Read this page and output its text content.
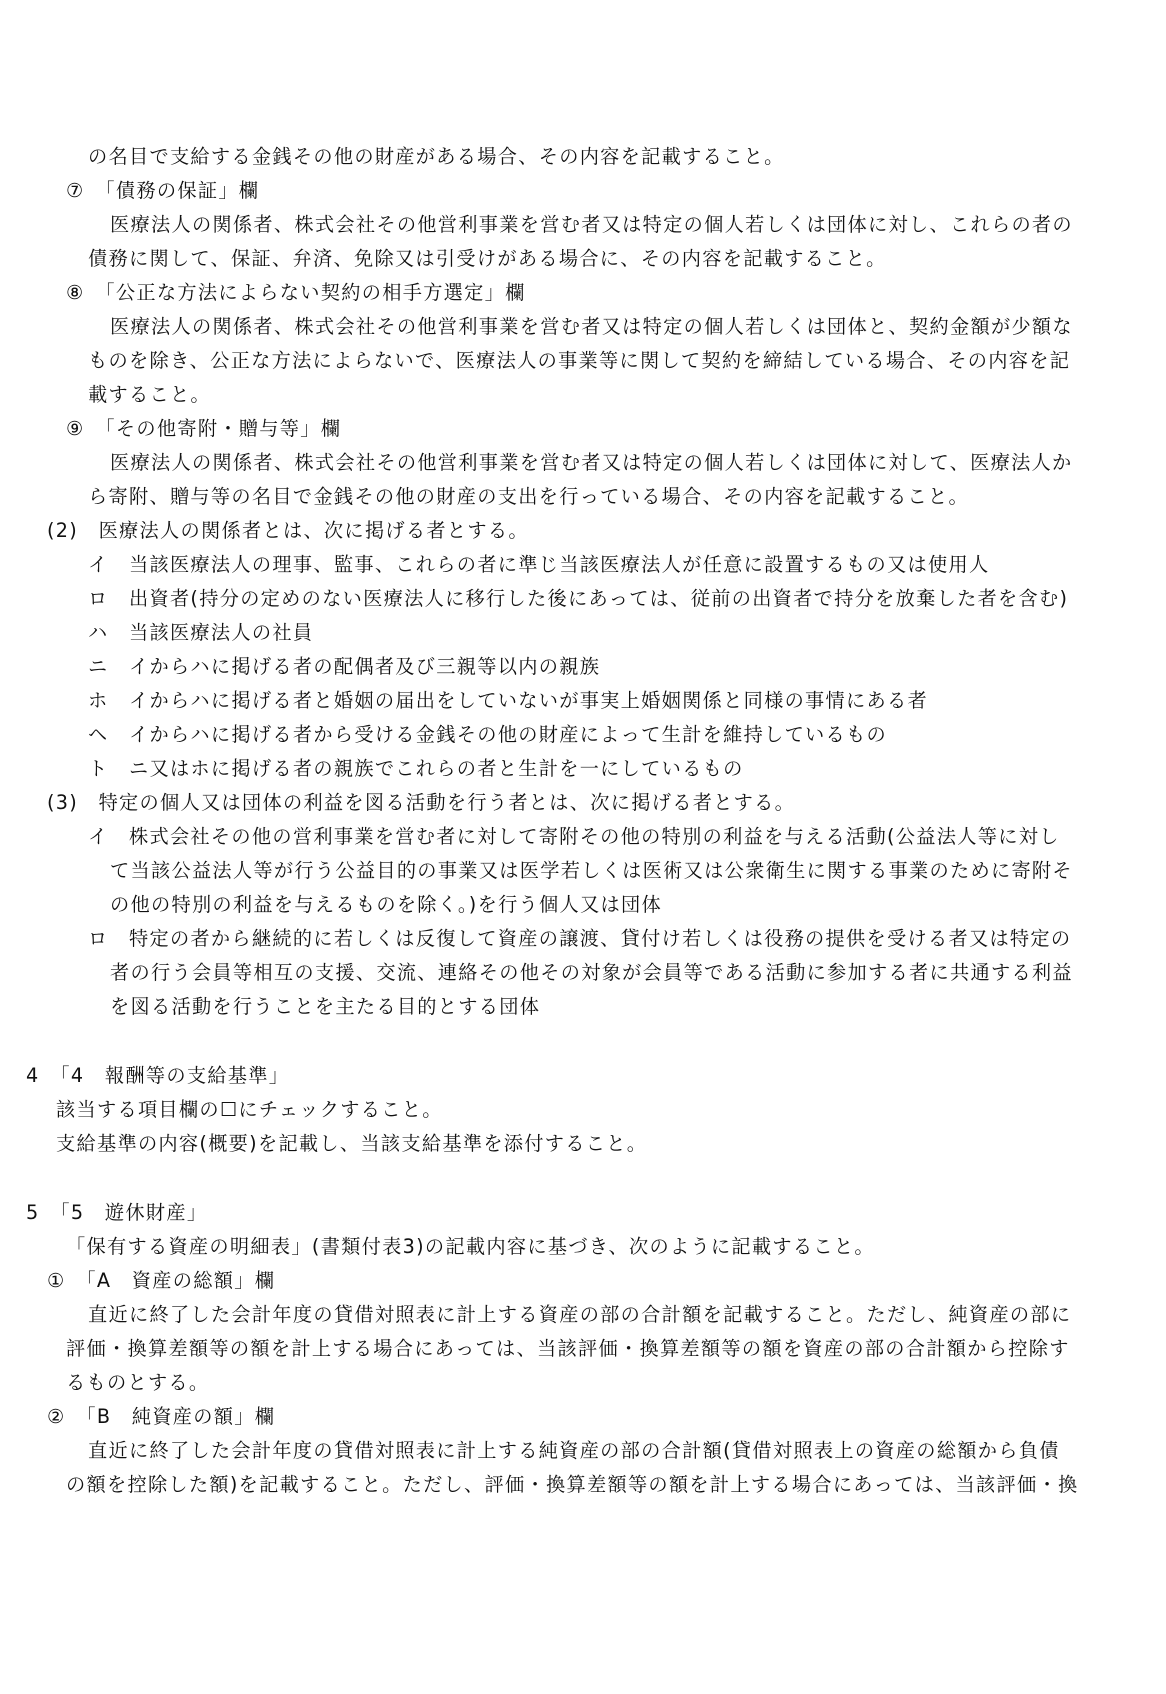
の名目で支給する金銭その他の財産がある場合、その内容を記載すること。
⑦　「債務の保証」欄
医療法人の関係者、株式会社その他営利事業を営む者又は特定の個人若しくは団体に対し、これらの者の
債務に関して、保証、弁済、免除又は引受けがある場合に、その内容を記載すること。
⑧　「公正な方法によらない契約の相手方選定」欄
医療法人の関係者、株式会社その他営利事業を営む者又は特定の個人若しくは団体と、契約金額が少額な
ものを除き、公正な方法によらないで、医療法人の事業等に関して契約を締結している場合、その内容を記
載すること。
⑨　「その他寄附・贈与等」欄
医療法人の関係者、株式会社その他営利事業を営む者又は特定の個人若しくは団体に対して、医療法人か
ら寄附、贈与等の名目で金銭その他の財産の支出を行っている場合、その内容を記載すること。
(2)　医療法人の関係者とは、次に掲げる者とする。
イ　当該医療法人の理事、監事、これらの者に準じ当該医療法人が任意に設置するもの又は使用人
ロ　出資者(持分の定めのない医療法人に移行した後にあっては、従前の出資者で持分を放棄した者を含む)
ハ　当該医療法人の社員
ニ　イからハに掲げる者の配偶者及び三親等以内の親族
ホ　イからハに掲げる者と婚姻の届出をしていないが事実上婚姻関係と同様の事情にある者
ヘ　イからハに掲げる者から受ける金銭その他の財産によって生計を維持しているもの
ト　ニ又はホに掲げる者の親族でこれらの者と生計を一にしているもの
(3)　特定の個人又は団体の利益を図る活動を行う者とは、次に掲げる者とする。
イ　株式会社その他の営利事業を営む者に対して寄附その他の特別の利益を与える活動(公益法人等に対し
て当該公益法人等が行う公益目的の事業又は医学若しくは医術又は公衆衛生に関する事業のために寄附そ
の他の特別の利益を与えるものを除く。)を行う個人又は団体
ロ　特定の者から継続的に若しくは反復して資産の譲渡、貸付け若しくは役務の提供を受ける者又は特定の
者の行う会員等相互の支援、交流、連絡その他その対象が会員等である活動に参加する者に共通する利益
を図る活動を行うことを主たる目的とする団体
4　「4　報酬等の支給基準」
該当する項目欄の☐にチェックすること。
支給基準の内容(概要)を記載し、当該支給基準を添付すること。
5　「5　遊休財産」
「保有する資産の明細表」(書類付表3)の記載内容に基づき、次のように記載すること。
①　「A　資産の総額」欄
直近に終了した会計年度の貸借対照表に計上する資産の部の合計額を記載すること。ただし、純資産の部に
評価・換算差額等の額を計上する場合にあっては、当該評価・換算差額等の額を資産の部の合計額から控除す
るものとする。
②　「B　純資産の額」欄
直近に終了した会計年度の貸借対照表に計上する純資産の部の合計額(貸借対照表上の資産の総額から負債
の額を控除した額)を記載すること。ただし、評価・換算差額等の額を計上する場合にあっては、当該評価・換
